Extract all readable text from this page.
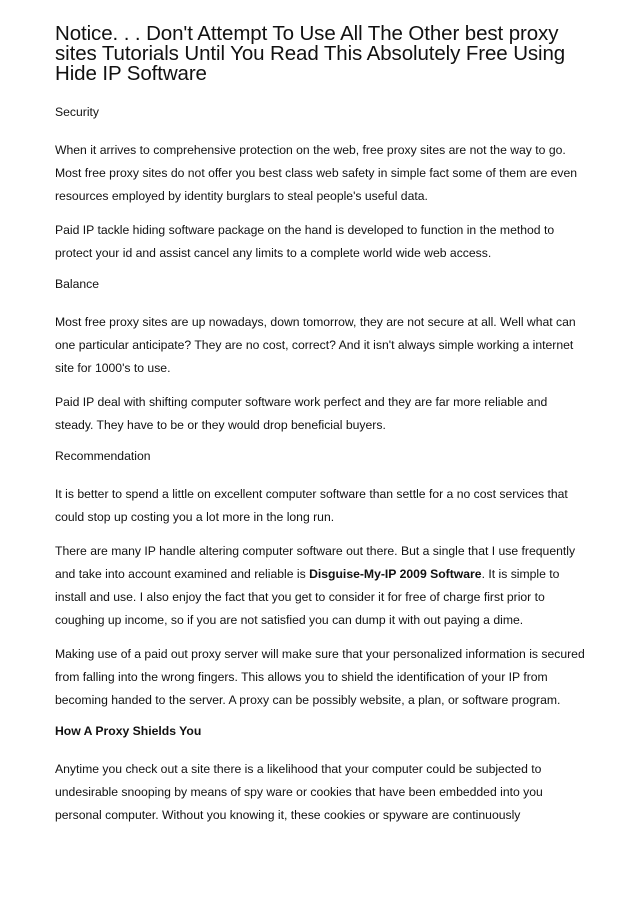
Notice. . . Don't Attempt To Use All The Other best proxy sites Tutorials Until You Read This Absolutely Free Using Hide IP Software
Security

When it arrives to comprehensive protection on the web, free proxy sites are not the way to go. Most free proxy sites do not offer you best class web safety in simple fact some of them are even resources employed by identity burglars to steal people's useful data.

Paid IP tackle hiding software package on the hand is developed to function in the method to protect your id and assist cancel any limits to a complete world wide web access.

Balance

Most free proxy sites are up nowadays, down tomorrow, they are not secure at all. Well what can one particular anticipate? They are no cost, correct? And it isn't always simple working a internet site for 1000's to use.

Paid IP deal with shifting computer software work perfect and they are far more reliable and steady. They have to be or they would drop beneficial buyers.

Recommendation

It is better to spend a little on excellent computer software than settle for a no cost services that could stop up costing you a lot more in the long run.

There are many IP handle altering computer software out there. But a single that I use frequently and take into account examined and reliable is Disguise-My-IP 2009 Software. It is simple to install and use. I also enjoy the fact that you get to consider it for free of charge first prior to coughing up income, so if you are not satisfied you can dump it with out paying a dime.

Making use of a paid out proxy server will make sure that your personalized information is secured from falling into the wrong fingers. This allows you to shield the identification of your IP from becoming handed to the server. A proxy can be possibly website, a plan, or software program.

How A Proxy Shields You

Anytime you check out a site there is a likelihood that your computer could be subjected to undesirable snooping by means of spy ware or cookies that have been embedded into you personal computer. Without you knowing it, these cookies or spyware are continuously
